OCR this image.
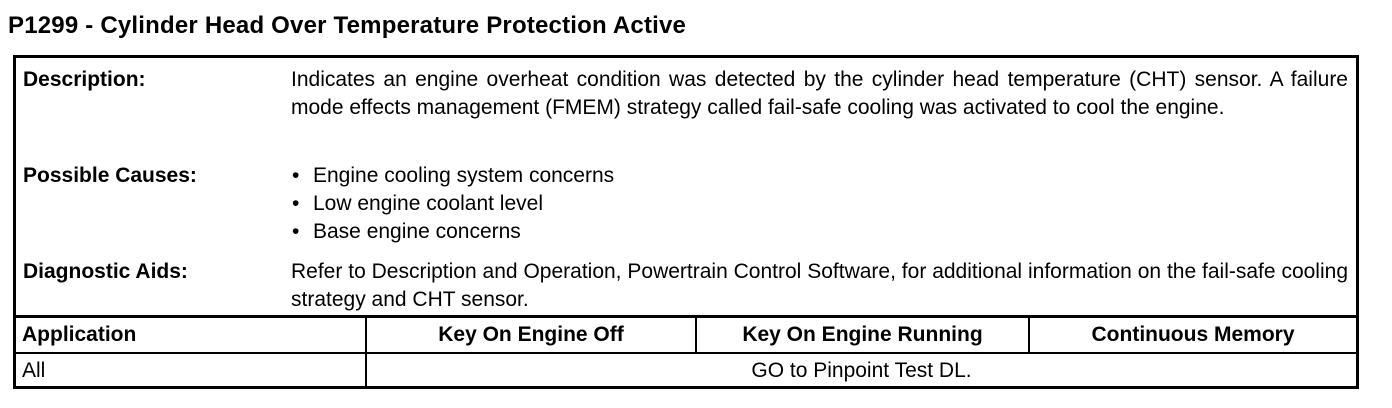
P1299 - Cylinder Head Over Temperature Protection Active
Description:	Indicates an engine overheat condition was detected by the cylinder head temperature (CHT) sensor. A failure mode effects management (FMEM) strategy called fail-safe cooling was activated to cool the engine.
Possible Causes:	• Engine cooling system concerns
• Low engine coolant level
• Base engine concerns
Diagnostic Aids:	Refer to Description and Operation, Powertrain Control Software, for additional information on the fail-safe cooling strategy and CHT sensor.
Application	Key On Engine Off	Key On Engine Running	Continuous Memory
All	GO to Pinpoint Test DL.		
